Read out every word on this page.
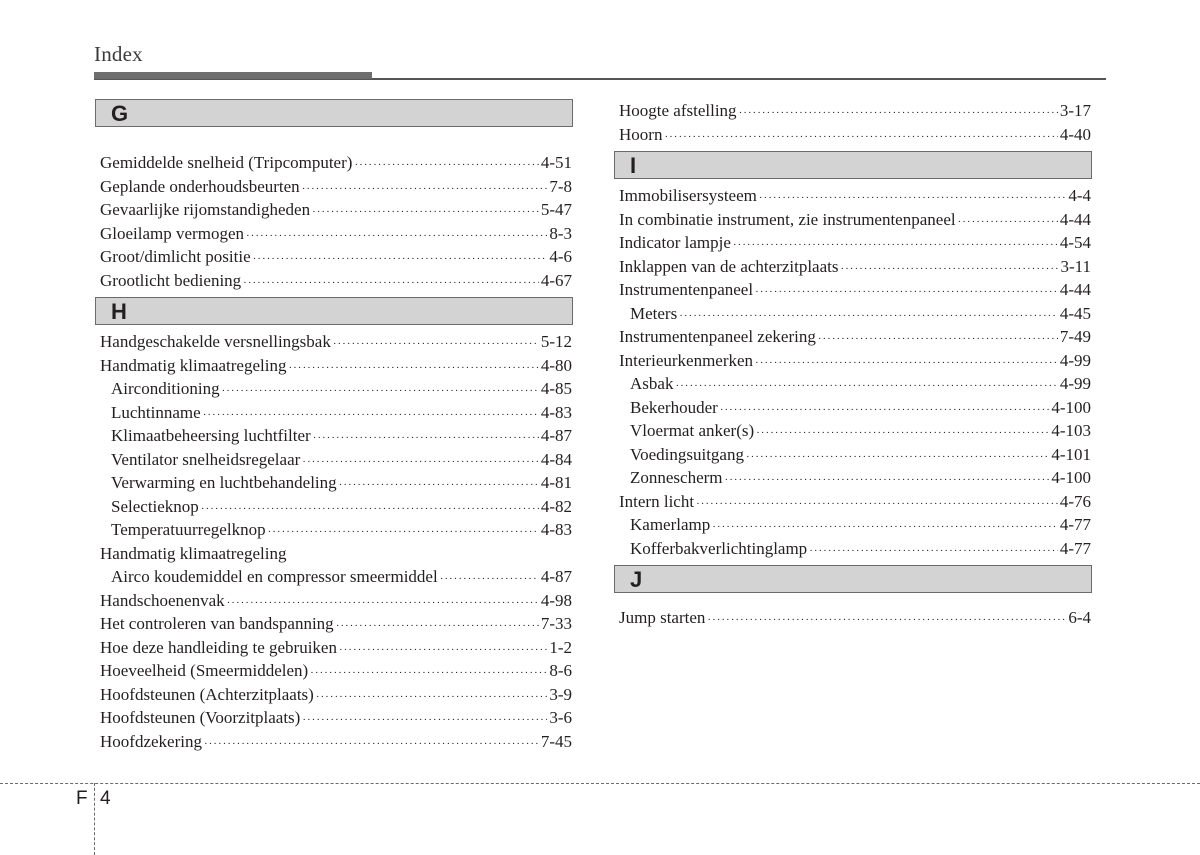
Index
G
Gemiddelde snelheid (Tripcomputer) ·····	4-51
Geplande onderhoudsbeurten ·····	7-8
Gevaarlijke rijomstandigheden ·····	5-47
Gloeilamp vermogen ·····	8-3
Groot/dimlicht positie ·····	4-6
Grootlicht bediening ·····	4-67
H
Handgeschakelde versnellingsbak ·····	5-12
Handmatig klimaatregeling ·····	4-80
Airconditioning ·····	4-85
Luchtinname ·····	4-83
Klimaatbeheersing luchtfilter ·····	4-87
Ventilator snelheidsregelaar ·····	4-84
Verwarming en luchtbehandeling ·····	4-81
Selectieknop ·····	4-82
Temperatuurregelknop ·····	4-83
Handmatig klimaatregeling
Airco koudemiddel en compressor smeermiddel ·····	4-87
Handschoenenvak ·····	4-98
Het controleren van bandspanning ·····	7-33
Hoe deze handleiding te gebruiken ·····	1-2
Hoeveelheid (Smeermiddelen) ·····	8-6
Hoofdsteunen (Achterzitplaats) ·····	3-9
Hoofdsteunen (Voorzitplaats) ·····	3-6
Hoofdzekering ·····	7-45
Hoogte afstelling ·····	3-17
Hoorn ·····	4-40
I
Immobilisersysteem ·····	4-4
In combinatie instrument, zie instrumentenpaneel ·····	4-44
Indicator lampje ·····	4-54
Inklappen van de achterzitplaats ·····	3-11
Instrumentenpaneel ·····	4-44
Meters ·····	4-45
Instrumentenpaneel zekering ·····	7-49
Interieurkenmerken ·····	4-99
Asbak ·····	4-99
Bekerhouder ·····	4-100
Vloermat anker(s) ·····	4-103
Voedingsuitgang ·····	4-101
Zonnescherm ·····	4-100
Intern licht ·····	4-76
Kamerlamp ·····	4-77
Kofferbakverlichtinglamp ·····	4-77
J
Jump starten ·····	6-4
F 4
